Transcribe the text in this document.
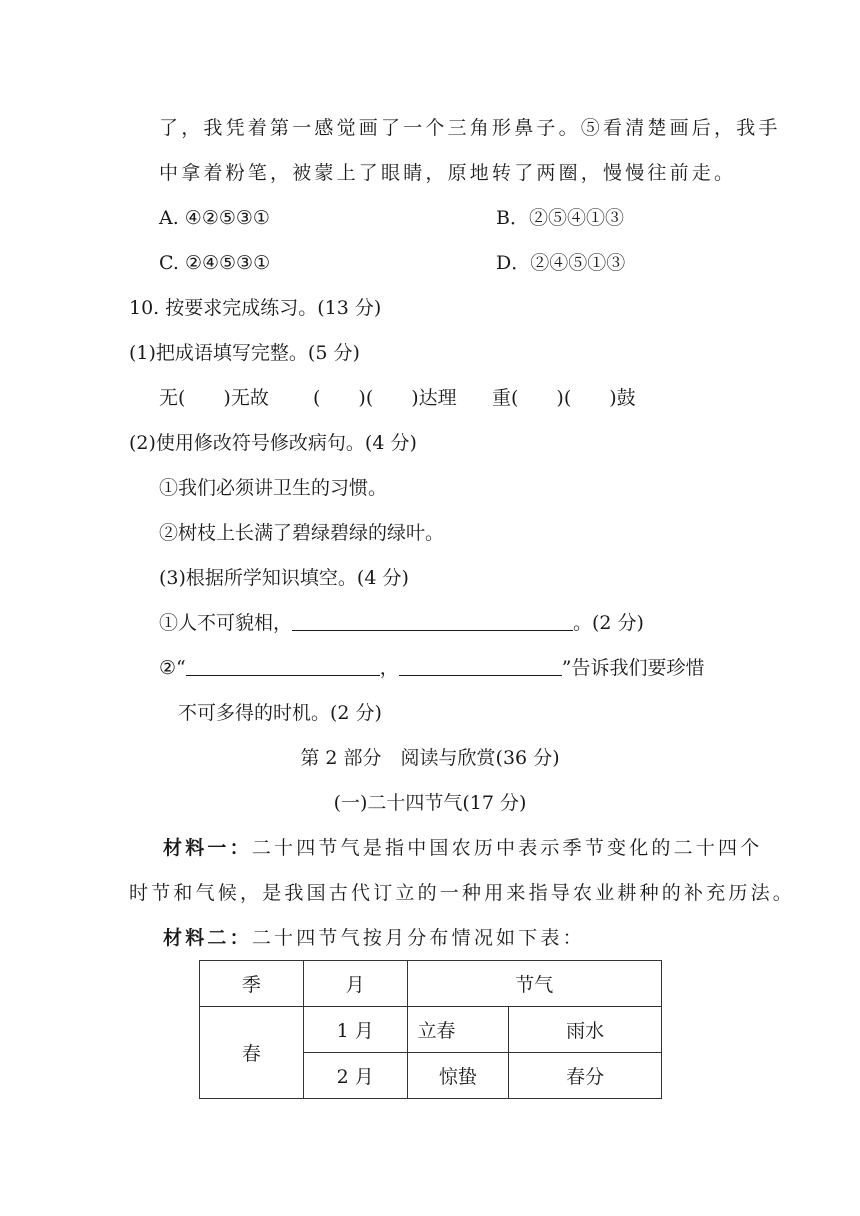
了，我凭着第一感觉画了一个三角形鼻子。⑤看清楚画后，我手
中拿着粉笔，被蒙上了眼睛，原地转了两圈，慢慢往前走。
A. ④②⑤③①	B．②⑤④①③
C. ②④⑤③①	D．②④⑤①③
10. 按要求完成练习。(13 分)
(1)把成语填写完整。(5 分)
无(　　)无故 (　　)(　　)达理 重(　　)(　　)鼓
(2)使用修改符号修改病句。(4 分)
①我们必须讲卫生的习惯。
②树枝上长满了碧绿碧绿的绿叶。
(3)根据所学知识填空。(4 分)
①人不可貌相，	。(2 分)
②“	，	”告诉我们要珍惜
不可多得的时机。(2 分)
第 2 部分　阅读与欣赏(36 分)
(一)二十四节气(17 分)
材料一：二十四节气是指中国农历中表示季节变化的二十四个
时节和气候，是我国古代订立的一种用来指导农业耕种的补充历法。
材料二：二十四节气按月分布情况如下表：
季	月	节气	
春	1 月	立春	雨水
	2 月	惊蛰	春分
